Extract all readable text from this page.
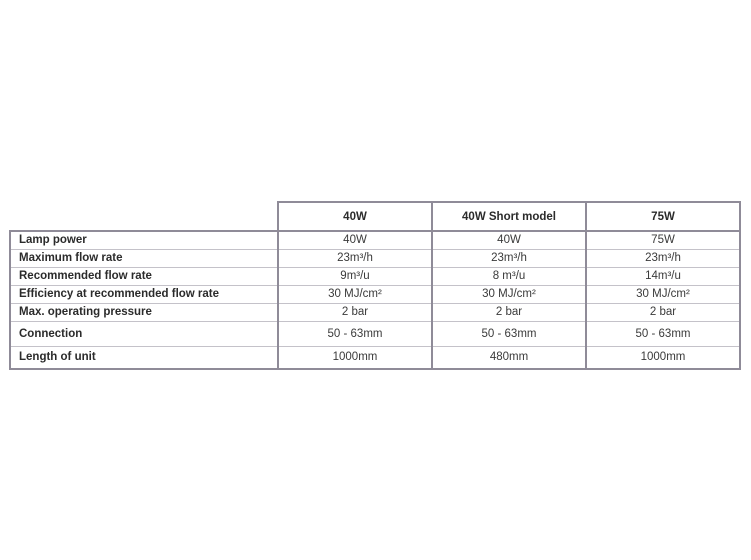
	40W	40W Short model	75W
Lamp power	40W	40W	75W
Maximum flow rate	23m³/h	23m³/h	23m³/h
Recommended flow rate	9m³/u	8 m³/u	14m³/u
Efficiency at recommended flow rate	30 MJ/cm²	30 MJ/cm²	30 MJ/cm²
Max. operating pressure	2 bar	2 bar	2 bar
Connection	50 - 63mm	50 - 63mm	50 - 63mm
Length of unit	1000mm	480mm	1000mm
